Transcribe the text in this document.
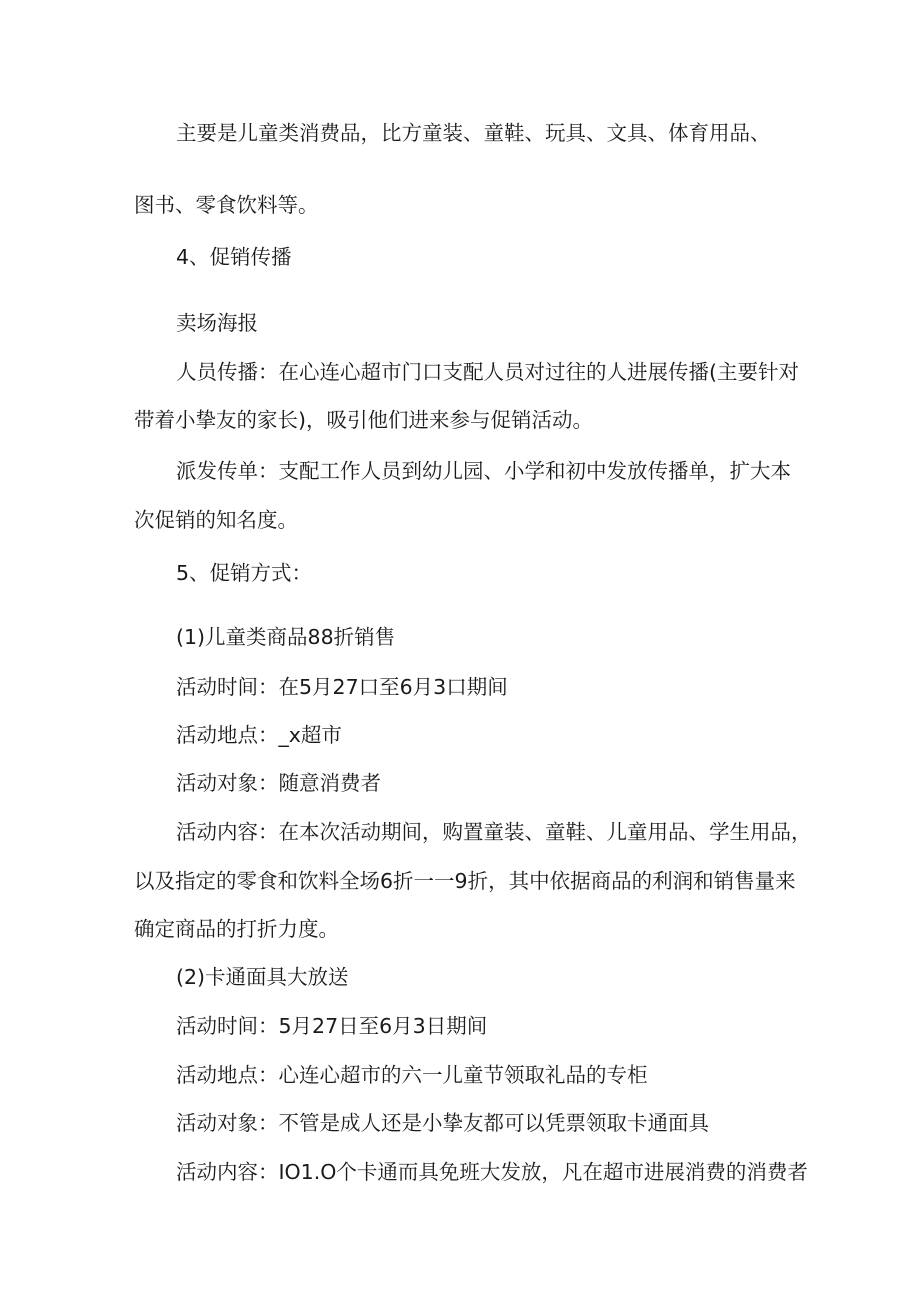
主要是儿童类消费品，比方童装、童鞋、玩具、文具、体育用品、

图书、零食饮料等。

4、促销传播

卖场海报

人员传播：在心连心超市门口支配人员对过往的人进展传播(主要针对

带着小挚友的家长)，吸引他们进来参与促销活动。

派发传单：支配工作人员到幼儿园、小学和初中发放传播单，扩大本

次促销的知名度。

5、促销方式：

(1)儿童类商品88折销售

活动时间：在5月27口至6月3口期间

活动地点：_x超市

活动对象：随意消费者

活动内容：在本次活动期间，购置童装、童鞋、儿童用品、学生用品，

以及指定的零食和饮料全场6折一一9折，其中依据商品的利润和销售量来

确定商品的打折力度。

(2)卡通面具大放送

活动时间：5月27日至6月3日期间

活动地点：心连心超市的六一儿童节领取礼品的专柜

活动对象：不管是成人还是小挚友都可以凭票领取卡通面具

活动内容：IO1.O个卡通而具免班大发放，凡在超市进展消费的消费者
